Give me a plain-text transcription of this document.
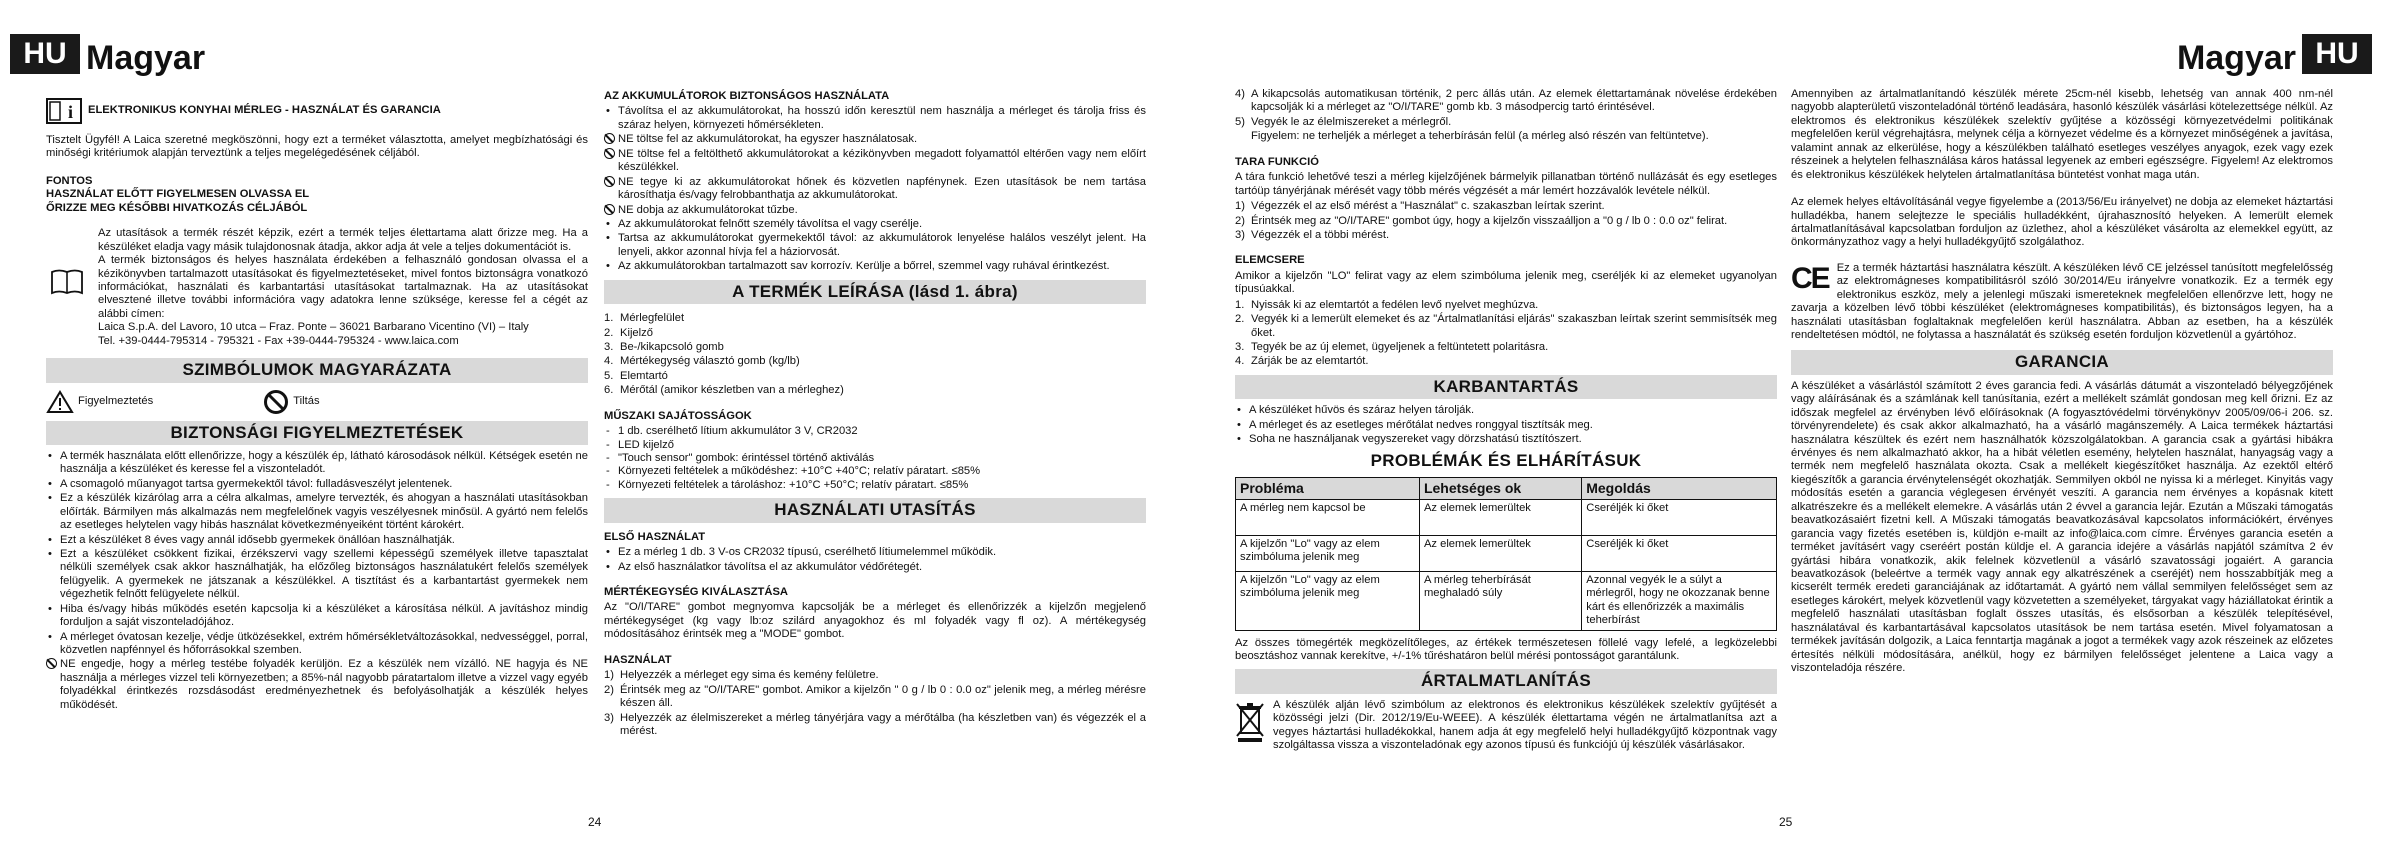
HU Magyar
i ELEKTRONIKUS KONYHAI MÉRLEG - HASZNÁLAT ÉS GARANCIA
Tisztelt Ügyfél! A Laica szeretné megköszönni, hogy ezt a terméket választotta, amelyet megbízhatósági és minőségi kritériumok alapján terveztünk a teljes megelégedésének céljából.
FONTOS
HASZNÁLAT ELŐTT FIGYELMESEN OLVASSA EL
ŐRIZZE MEG KÉSŐBBI HIVATKOZÁS CÉLJÁBÓL
Az utasítások a termék részét képzik, ezért a termék teljes élettartama alatt őrizze meg. Ha a készüléket eladja vagy másik tulajdonosnak átadja, akkor adja át vele a teljes dokumentációt is.
A termék biztonságos és helyes használata érdekében a felhasználó gondosan olvassa el a kézikönyvben tartalmazott utasításokat és figyelmeztetéseket, mivel fontos biztonságra vonatkozó információkat, használati és karbantartási utasításokat tartalmaznak. Ha az utasításokat elvesztené illetve további információra vagy adatokra lenne szüksége, keresse fel a cégét az alábbi címen:
Laica S.p.A. del Lavoro, 10 utca – Fraz. Ponte – 36021 Barbarano Vicentino (VI) – Italy
Tel. +39-0444-795314 - 795321 - Fax +39-0444-795324 - www.laica.com
SZIMBÓLUMOK MAGYARÁZATA
Figyelmeztetés	Tiltás
BIZTONSÁGI FIGYELMEZTETÉSEK
• A termék használata előtt ellenőrizze, hogy a készülék ép, látható károsodások nélkül. Kétségek esetén ne használja a készüléket és keresse fel a viszonteladót.
• A csomagoló műanyagot tartsa gyermekektől távol: fulladásveszélyt jelentenek.
• Ez a készülék kizárólag arra a célra alkalmas, amelyre tervezték, és ahogyan a használati utasításokban előírták. Bármilyen más alkalmazás nem megfelelőnek vagyis veszélyesnek minősül. A gyártó nem felelős az esetleges helytelen vagy hibás használat következményeiként történt károkért.
• Ezt a készüléket 8 éves vagy annál idősebb gyermekek önállóan használhatják.
• Ezt a készüléket csökkent fizikai, érzékszervi vagy szellemi képességű személyek illetve tapasztalat nélküli személyek csak akkor használhatják, ha előzőleg biztonságos használatukért felelős személyek felügyelik. A gyermekek ne játszanak a készülékkel. A tisztítást és a karbantartást gyermekek nem végezhetik felnőtt felügyelete nélkül.
• Hiba és/vagy hibás működés esetén kapcsolja ki a készüléket a károsítása nélkül. A javításhoz mindig forduljon a saját viszonteladójához.
• A mérleget óvatosan kezelje, védje ütközésekkel, extrém hőmérsékletváltozásokkal, nedvességgel, porral, közvetlen napfénnyel és hőforrásokkal szemben.
NE engedje, hogy a mérleg testébe folyadék kerüljön. Ez a készülék nem vízálló. NE hagyja és NE használja a mérleges vizzel teli környezetben; a 85%-nál nagyobb páratartalom illetve a vizzel vagy egyéb folyadékkal érintkezés rozsdásodást eredményezhetnek és befolyásolhatják a készülék helyes működését.
AZ AKKUMULÁTOROK BIZTONSÁGOS HASZNÁLATA
• Távolítsa el az akkumulátorokat, ha hosszú időn keresztül nem használja a mérleget és tárolja friss és száraz helyen, környezeti hőmérsékleten.
NE töltse fel az akkumulátorokat, ha egyszer használatosak.
NE töltse fel a feltölthető akkumulátorokat a kézikönyvben megadott folyamattól eltérően vagy nem előírt készülékkel.
NE tegye ki az akkumulátorokat hőnek és közvetlen napfénynek. Ezen utasítások be nem tartása károsíthatja és/vagy felrobbanthatja az akkumulátorokat.
NE dobja az akkumulátorokat tűzbe.
• Az akkumulátorokat felnőtt személy távolítsa el vagy cserélje.
• Tartsa az akkumulátorokat gyermekektől távol: az akkumulátorok lenyelése halálos veszélyt jelent. Ha lenyeli, akkor azonnal hívja fel a háziorvosát.
• Az akkumulátorokban tartalmazott sav korrozív. Kerülje a bőrrel, szemmel vagy ruhával érintkezést.
A TERMÉK LEÍRÁSA (lásd 1. ábra)
1. Mérlegfelület
2. Kijelző
3. Be-/kikapcsoló gomb
4. Mértékegység választó gomb (kg/lb)
5. Elemtartó
6. Mérőtál (amikor készletben van a mérleghez)
MŰSZAKI SAJÁTOSSÁGOK
- 1 db. cserélhető lítium akkumulátor 3 V, CR2032
- LED kijelző
- "Touch sensor" gombok: érintéssel történő aktiválás
- Környezeti feltételek a működéshez: +10°C +40°C; relatív páratart. ≤85%
- Környezeti feltételek a tároláshoz: +10°C +50°C; relatív páratart. ≤85%
HASZNÁLATI UTASÍTÁS
ELSŐ HASZNÁLAT
• Ez a mérleg 1 db. 3 V-os CR2032 típusú, cserélhető lítiumelemmel működik.
• Az első használatkor távolítsa el az akkumulátor védőrétegét.
MÉRTÉKEGYSÉG KIVÁLASZTÁSA
Az "O/I/TARE" gombot megnyomva kapcsolják be a mérleget és ellenőrizzék a kijelzőn megjelenő mértékegységet (kg vagy lb:oz szilárd anyagokhoz és ml folyadék vagy fl oz). A mértékegység módosításához érintsék meg a "MODE" gombot.
HASZNÁLAT
1) Helyezzék a mérleget egy sima és kemény felületre.
2) Érintsék meg az "O/I/TARE" gombot. Amikor a kijelzőn " 0 g / lb 0 : 0.0 oz" jelenik meg, a mérleg mérésre készen áll.
3) Helyezzék az élelmiszereket a mérleg tányérjára vagy a mérőtálba (ha készletben van) és végezzék el a mérést.
24
Magyar HU
4) A kikapcsolás automatikusan történik, 2 perc állás után. Az elemek élettartamának növelése érdekében kapcsolják ki a mérleget az "O/I/TARE" gomb kb. 3 másodpercig tartó érintésével.
5) Vegyék le az élelmiszereket a mérlegről.
Figyelem: ne terheljék a mérleget a teherbírásán felül (a mérleg alsó részén van feltüntetve).
TARA FUNKCIÓ
A tára funkció lehetővé teszi a mérleg kijelzőjének bármelyik pillanatban történő nullázását és egy esetleges tartóüp tányérjának mérését vagy több mérés végzését a már lemért hozzávalók levétele nélkül.
1) Végezzék el az első mérést a "Használat" c. szakaszban leírtak szerint.
2) Érintsék meg az "O/I/TARE" gombot úgy, hogy a kijelzőn visszaálljon a "0 g / lb 0 : 0.0 oz" felirat.
3) Végezzék el a többi mérést.
ELEMCSERE
Amikor a kijelzőn "LO" felirat vagy az elem szimbóluma jelenik meg, cseréljék ki az elemeket ugyanolyan típusúakkal.
1. Nyissák ki az elemtartót a fedélen levő nyelvet meghúzva.
2. Vegyék ki a lemerült elemeket és az "Ártalmatlanítási eljárás" szakaszban leírtak szerint semmisítsék meg őket.
3. Tegyék be az új elemet, ügyeljenek a feltüntetett polaritásra.
4. Zárják be az elemtartót.
KARBANTARTÁS
• A készüléket hűvös és száraz helyen tárolják.
• A mérleget és az esetleges mérőtálat nedves ronggyal tisztítsák meg.
• Soha ne használjanak vegyszereket vagy dörzshatású tisztítószert.
PROBLÉMÁK ÉS ELHÁRÍTÁSUK
Probléma	Lehetséges ok	Megoldás
A mérleg nem kapcsol be	Az elemek lemerültek	Cseréljék ki őket
A kijelzőn "Lo" vagy az elem szimbóluma jelenik meg	Az elemek lemerültek	Cseréljék ki őket
A kijelzőn "Lo" vagy az elem szimbóluma jelenik meg	A mérleg teherbírását meghaladó súly	Azonnal vegyék le a súlyt a mérlegről, hogy ne okozzanak benne kárt és ellenőrizzék a maximális teherbírást
Az összes tömegérték megközelítőleges, az értékek természetesen föllelé vagy lefelé, a legközelebbi beosztáshoz vannak kerekítve, +/-1% tűréshatáron belül mérési pontosságot garantálunk.
ÁRTALMATLANÍTÁS
A készülék alján lévő szimbólum az elektronos és elektronikus készülékek szelektív gyűjtését a közösségi jelzi (Dir. 2012/19/Eu-WEEE). A készülék élettartama végén ne ártalmatlanítsa azt a vegyes háztartási hulladékokkal, hanem adja át egy megfelelő helyi hulladékgyűjtő központnak vagy szolgáltassa vissza a viszonteladónak egy azonos típusú és funkciójú új készülék vásárlásakor.
Amennyiben az ártalmatlanítandó készülék mérete 25cm-nél kisebb, lehetség van annak 400 nm-nél nagyobb alapterületű viszonteladónál történő leadására, hasonló készülék vásárlási kötelezettsége nélkül. Az elektromos és elektronikus készülékek szelektív gyűjtése a közösségi környezetvédelmi politikának megfelelően kerül végrehajtásra, melynek célja a környezet védelme és a környezet minőségének a javítása, valamint annak az elkerülése, hogy a készülékben található esetleges veszélyes anyagok, ezek vagy ezek részeinek a helytelen felhasználása káros hatással legyenek az emberi egészségre. Figyelem! Az elektromos és elektronikus készülékek helytelen ártalmatlanítása büntetést vonhat maga után.
Az elemek helyes eltávolításánál vegye figyelembe a (2013/56/Eu irányelvet) ne dobja az elemeket háztartási hulladékba, hanem selejtezze le speciális hulladékként, újrahasznosító helyeken. A lemerült elemek ártalmatlanításával kapcsolatban forduljon az üzlethez, ahol a készüléket vásárolta az elemekkel együtt, az önkormányzathoz vagy a helyi hulladékgyűjtő szolgálathoz.
CE Ez a termék háztartási használatra készült. A készüléken lévő CE jelzéssel tanúsított megfelelősség az elektromágneses kompatibilitásról szóló 30/2014/Eu irányelvre vonatkozik. Ez a termék egy elektronikus eszköz, mely a jelenlegi műszaki ismereteknek megfelelően ellenőrzve lett, hogy ne zavarja a közelben lévő többi készüléket (elektromágneses kompatibilitás), és biztonságos legyen, ha a használati utasításban foglaltaknak megfelelően kerül használatra. Abban az esetben, ha a készülék rendeltetésen módtól, ne folytassa a használatát és szükség esetén forduljon közvetlenül a gyártóhoz.
GARANCIA
A készüléket a vásárlástól számított 2 éves garancia fedi. A vásárlás dátumát a viszonteladó bélyegzőjének vagy aláírásának és a számlának kell tanúsítania, ezért a mellékelt számlát gondosan meg kell őrizni. Ez az időszak megfelel az érvényben lévő előírásoknak (A fogyasztóvédelmi törvénykönyv 2005/09/06-i 206. sz. törvényrendelete) és csak akkor alkalmazható, ha a vásárló magánszemély. A Laica termékek háztartási használatra készültek és ezért nem használhatók közszolgálatokban. A garancia csak a gyártási hibákra érvényes és nem alkalmazható akkor, ha a hibát véletlen esemény, helytelen használat, hanyagság vagy a termék nem megfelelő használata okozta. Csak a mellékelt kiegészítőket használja. Az ezektől eltérő kiegészítők a garancia érvénytelenségét okozhatják. Semmilyen okból ne nyissa ki a mérleget. Kinyitás vagy módosítás esetén a garancia véglegesen érvényét veszíti. A garancia nem érvényes a kopásnak kitett alkatrészekre és a mellékelt elemekre. A vásárlás után 2 évvel a garancia lejár. Ezután a Műszaki támogatás beavatkozásaiért fizetni kell. A Műszaki támogatás beavatkozásával kapcsolatos információkért, érvényes garancia vagy fizetés esetében is, küldjön e-mailt az info@laica.com címre. Érvényes garancia esetén a terméket javításért vagy cseréért postán küldje el. A garancia idejére a vásárlás napjától számítva 2 év gyártási hibára vonatkozik, akik felelnek közvetlenül a vásárló szavatossági jogaiért. A garancia beavatkozások (beleértve a termék vagy annak egy alkatrészének a cseréjét) nem hosszabbítják meg a kicserélt termék eredeti garanciájának az időtartamát. A gyártó nem vállal semmilyen felelősséget sem az esetleges károkért, melyek közvetlenül vagy közvetetten a személyeket, tárgyakat vagy háziállatokat érintik a megfelelő használati utasításban foglalt összes utasítás, és elsősorban a készülék telepítésével, használatával és karbantartásával kapcsolatos utasítások be nem tartása esetén. Mivel folyamatosan a termékek javításán dolgozik, a Laica fenntartja magának a jogot a termékek vagy azok részeinek az előzetes értesítés nélküli módosítására, anélkül, hogy ez bármilyen felelősséget jelentene a Laica vagy a viszonteladója részére.
25
